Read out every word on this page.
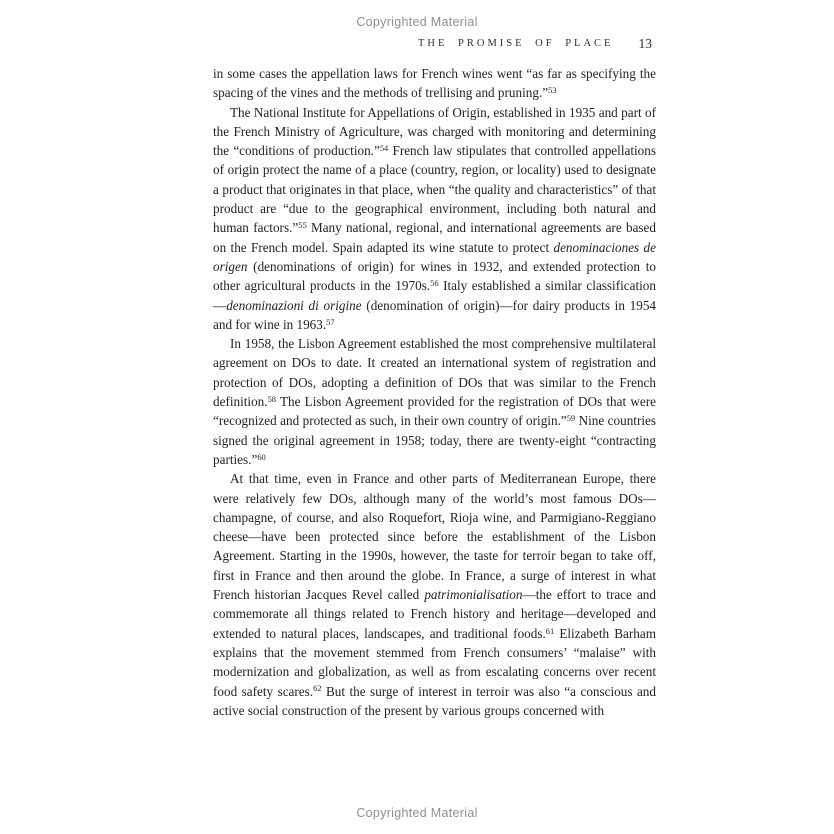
Copyrighted Material
THE PROMISE OF PLACE 13

in some cases the appellation laws for French wines went “as far as specifying the spacing of the vines and the methods of trellising and pruning.”$^{53}$

The National Institute for Appellations of Origin, established in 1935 and part of the French Ministry of Agriculture, was charged with monitoring and determining the “conditions of production.”$^{54}$ French law stipulates that controlled appellations of origin protect the name of a place (country, region, or locality) used to designate a product that originates in that place, when “the quality and characteristics” of that product are “due to the geographical environment, including both natural and human factors.”$^{55}$ Many national, regional, and international agreements are based on the French model. Spain adapted its wine statute to protect denominaciones de origen (denominations of origin) for wines in 1932, and extended protection to other agricultural products in the 1970s.$^{56}$ Italy established a similar classification—denominazioni di origine (denomination of origin)—for dairy products in 1954 and for wine in 1963.57

In 1958, the Lisbon Agreement established the most comprehensive multilateral agreement on DOs to date. It created an international system of registration and protection of DOs, adopting a definition of DOs that was similar to the French definition.$^{58}$ The Lisbon Agreement provided for the registration of DOs that were “recognized and protected as such, in their own country of origin.”$^{59}$ Nine countries signed the original agreement in 1958; today, there are twenty-eight “contracting parties.”$^{60}$

At that time, even in France and other parts of Mediterranean Europe, there were relatively few DOs, although many of the world’s most famous DOs—champagne, of course, and also Roquefort, Rioja wine, and Parmigiano-Reggiano cheese—have been protected since before the establishment of the Lisbon Agreement. Starting in the 1990s, however, the taste for terroir began to take off, first in France and then around the globe. In France, a surge of interest in what French historian Jacques Revel called patrimonialisation—the effort to trace and commemorate all things related to French history and heritage—developed and extended to natural places, landscapes, and traditional foods.$^{61}$ Elizabeth Barham explains that the movement stemmed from French consumers’ “malaise” with modernization and globalization, as well as from escalating concerns over recent food safety scares.$^{62}$ But the surge of interest in terroir was also “a conscious and active social construction of the present by various groups concerned with

Copyrighted Material
